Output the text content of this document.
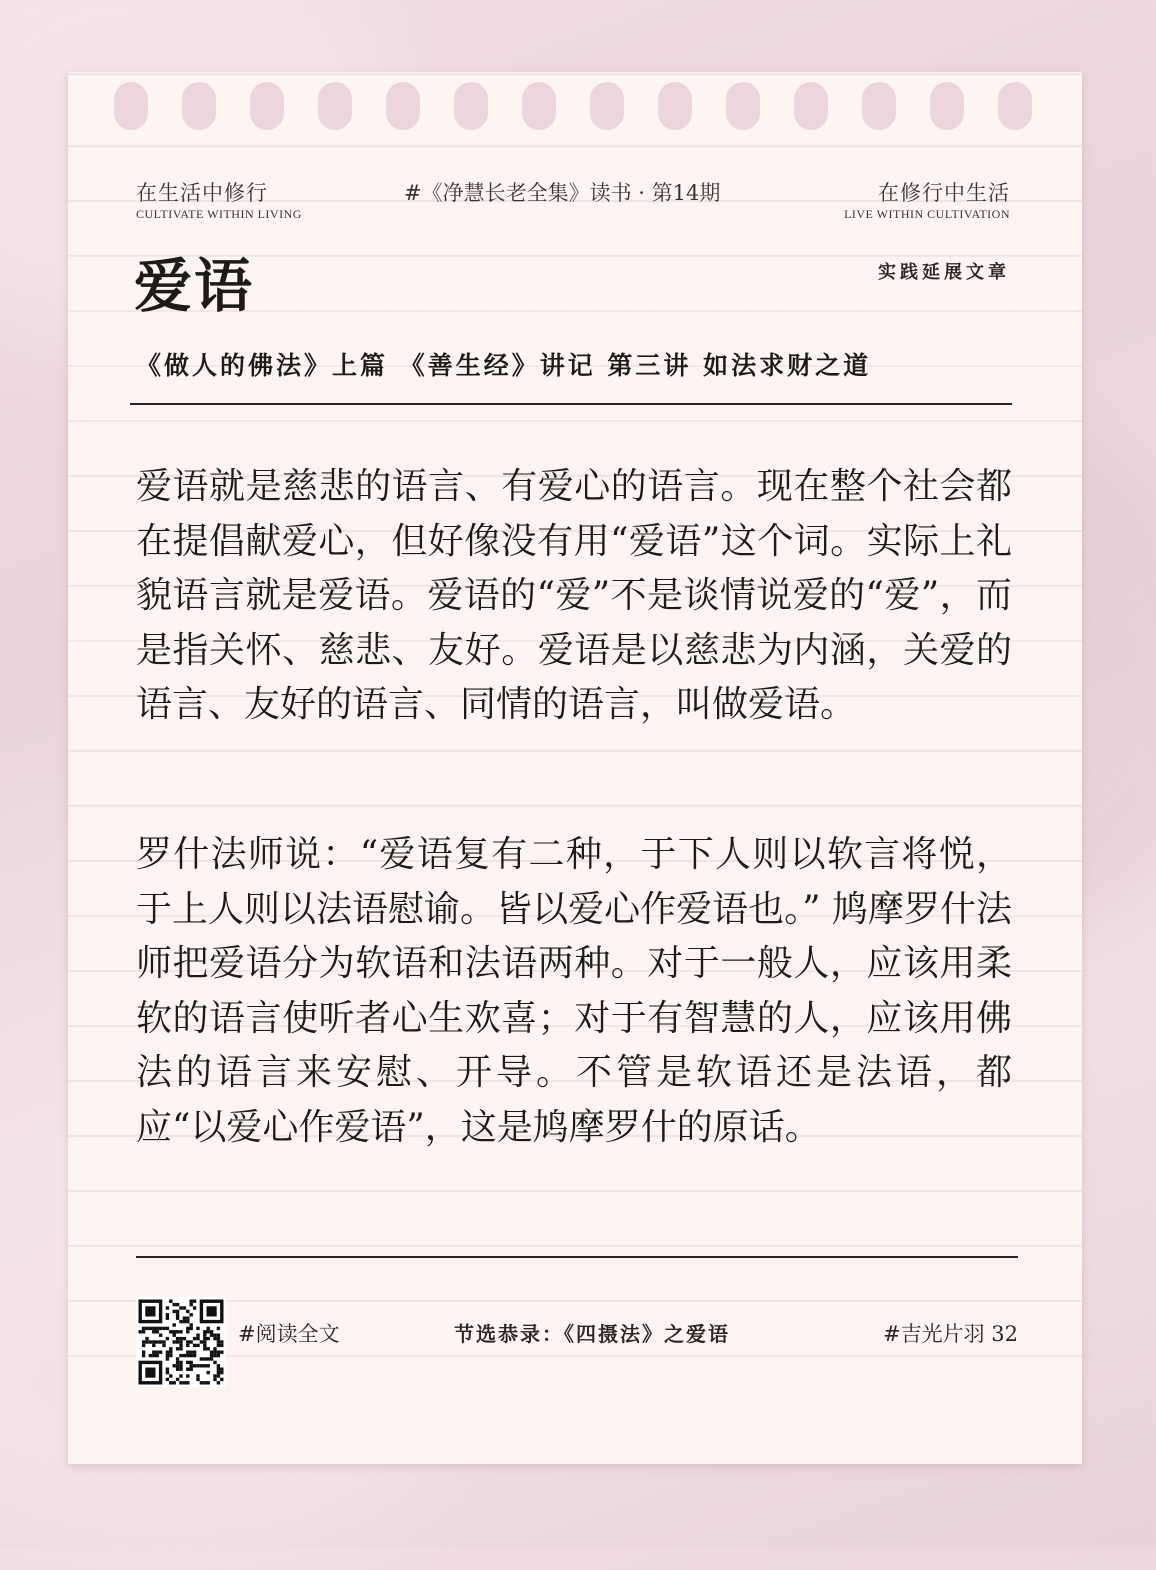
在生活中修行
CULTIVATE WITHIN LIVING
#《净慧长老全集》读书 · 第14期	在修行中生活
LIVE WITHIN CULTIVATION
爱语	实践延展文章
《做人的佛法》上篇 《善生经》讲记 第三讲 如法求财之道

爱语就是慈悲的语言、有爱心的语言。现在整个社会都在提倡献爱心，但好像没有用“爱语”这个词。实际上礼貌语言就是爱语。爱语的“爱”不是谈情说爱的“爱”，而是指关怀、慈悲、友好。爱语是以慈悲为内涵，关爱的语言、友好的语言、同情的语言，叫做爱语。

罗什法师说：“爱语复有二种，于下人则以软言将悦，于上人则以法语慰谕。皆以爱心作爱语也。” 鸠摩罗什法师把爱语分为软语和法语两种。对于一般人，应该用柔软的语言使听者心生欢喜；对于有智慧的人，应该用佛法的语言来安慰、开导。不管是软语还是法语，都应“以爱心作爱语”，这是鸠摩罗什的原话。

#阅读全文	节选恭录：《四摄法》之爱语	#吉光片羽 32
